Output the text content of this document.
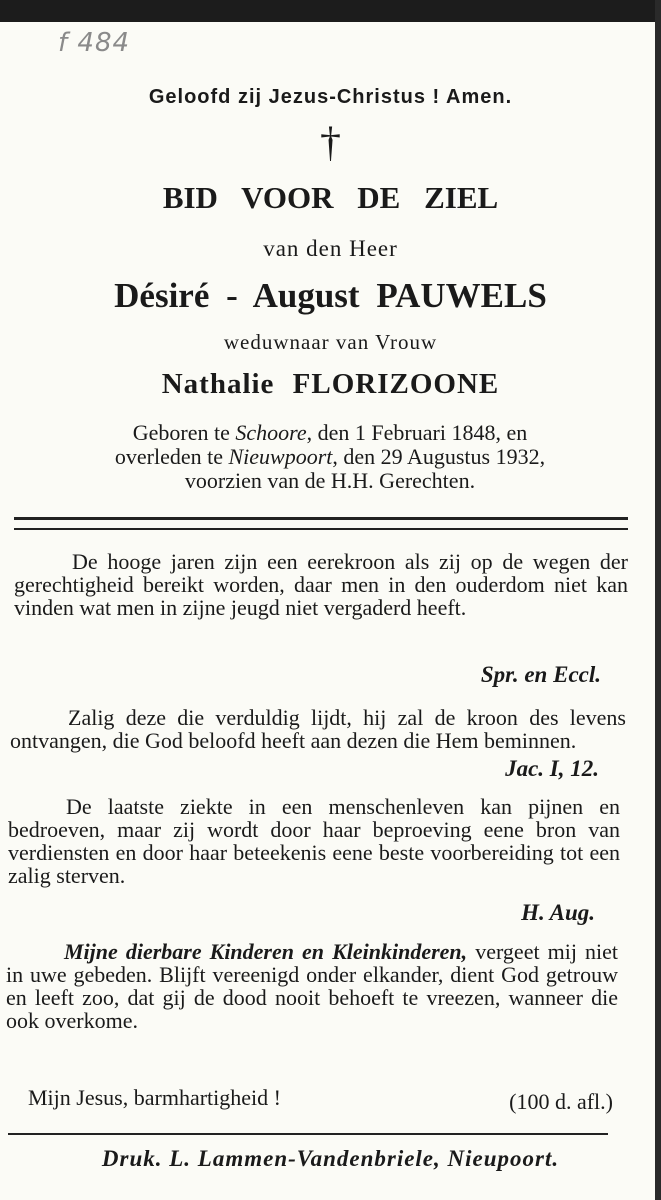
f 484
Geloofd zij Jezus-Christus ! Amen.
†
BID VOOR DE ZIEL
van den Heer
Désiré - August PAUWELS
weduwnaar van Vrouw
Nathalie FLORIZOONE
Geboren te Schoore, den 1 Februari 1848, en
overleden te Nieuwpoort, den 29 Augustus 1932,
voorzien van de H.H. Gerechten.

De hooge jaren zijn een eerekroon als zij op de wegen der gerechtigheid bereikt worden, daar men in den ouderdom niet kan vinden wat men in zijne jeugd niet vergaderd heeft.

Spr. en Eccl.

Zalig deze die verduldig lijdt, hij zal de kroon des levens ontvangen, die God beloofd heeft aan dezen die Hem beminnen.

Jac. I, 12.

De laatste ziekte in een menschenleven kan pijnen en bedroeven, maar zij wordt door haar beproeving eene bron van verdiensten en door haar beteekenis eene beste voorbereiding tot een zalig sterven.

H. Aug.

Mijne dierbare Kinderen en Kleinkinderen, vergeet mij niet in uwe gebeden. Blijft vereenigd onder elkander, dient God getrouw en leeft zoo, dat gij de dood nooit behoeft te vreezen, wanneer die ook overkome.

Mijn Jesus, barmhartigheid !	(100 d. afl.)
Druk. L. Lammen-Vandenbriele, Nieupoort.
